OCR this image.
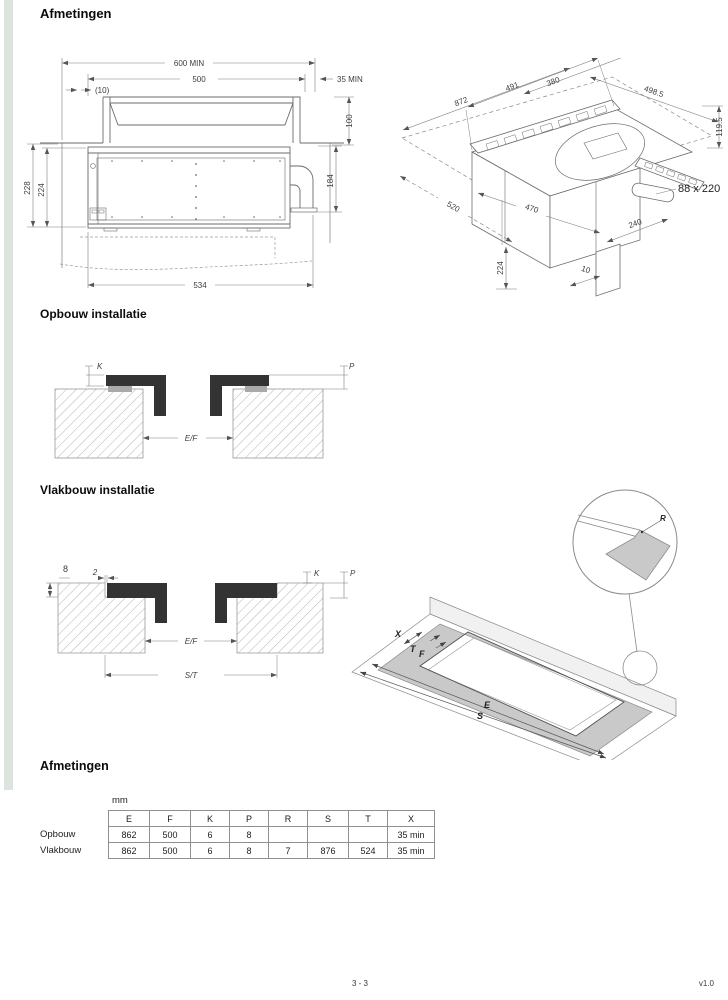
Afmetingen
600 MIN
500
(10)
35 MIN
100
228 224
184
534
872
491	380
498.5
119.5
470
520
224	10
240
88 x 220
Opbouw installatie
K	P
E/F
Vlakbouw installatie
8	2	K	P
E/F
S/T
X
T F
E
S
R
Afmetingen
mm
Opbouw
Vlakbouw
E	F	K	P	R	S	T	X
862	500	6	8				35 min
862	500	6	8	7	876	524	35 min
3 - 3	v1.0
